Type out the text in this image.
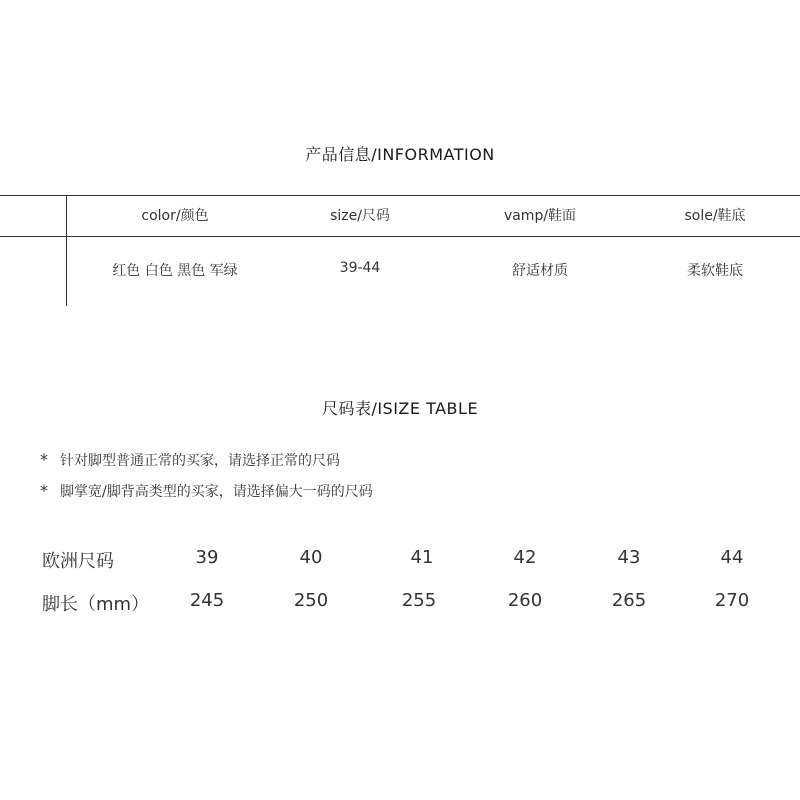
产品信息/INFORMATION
color/颜色	size/尺码	vamp/鞋面	sole/鞋底
红色 白色 黑色 军绿	39-44	舒适材质	柔软鞋底
尺码表/ISIZE TABLE
* 针对脚型普通正常的买家，请选择正常的尺码
* 脚掌宽/脚背高类型的买家，请选择偏大一码的尺码
欧洲尺码	39	40	41	42	43	44
脚长（mm）	245	250	255	260	265	270
